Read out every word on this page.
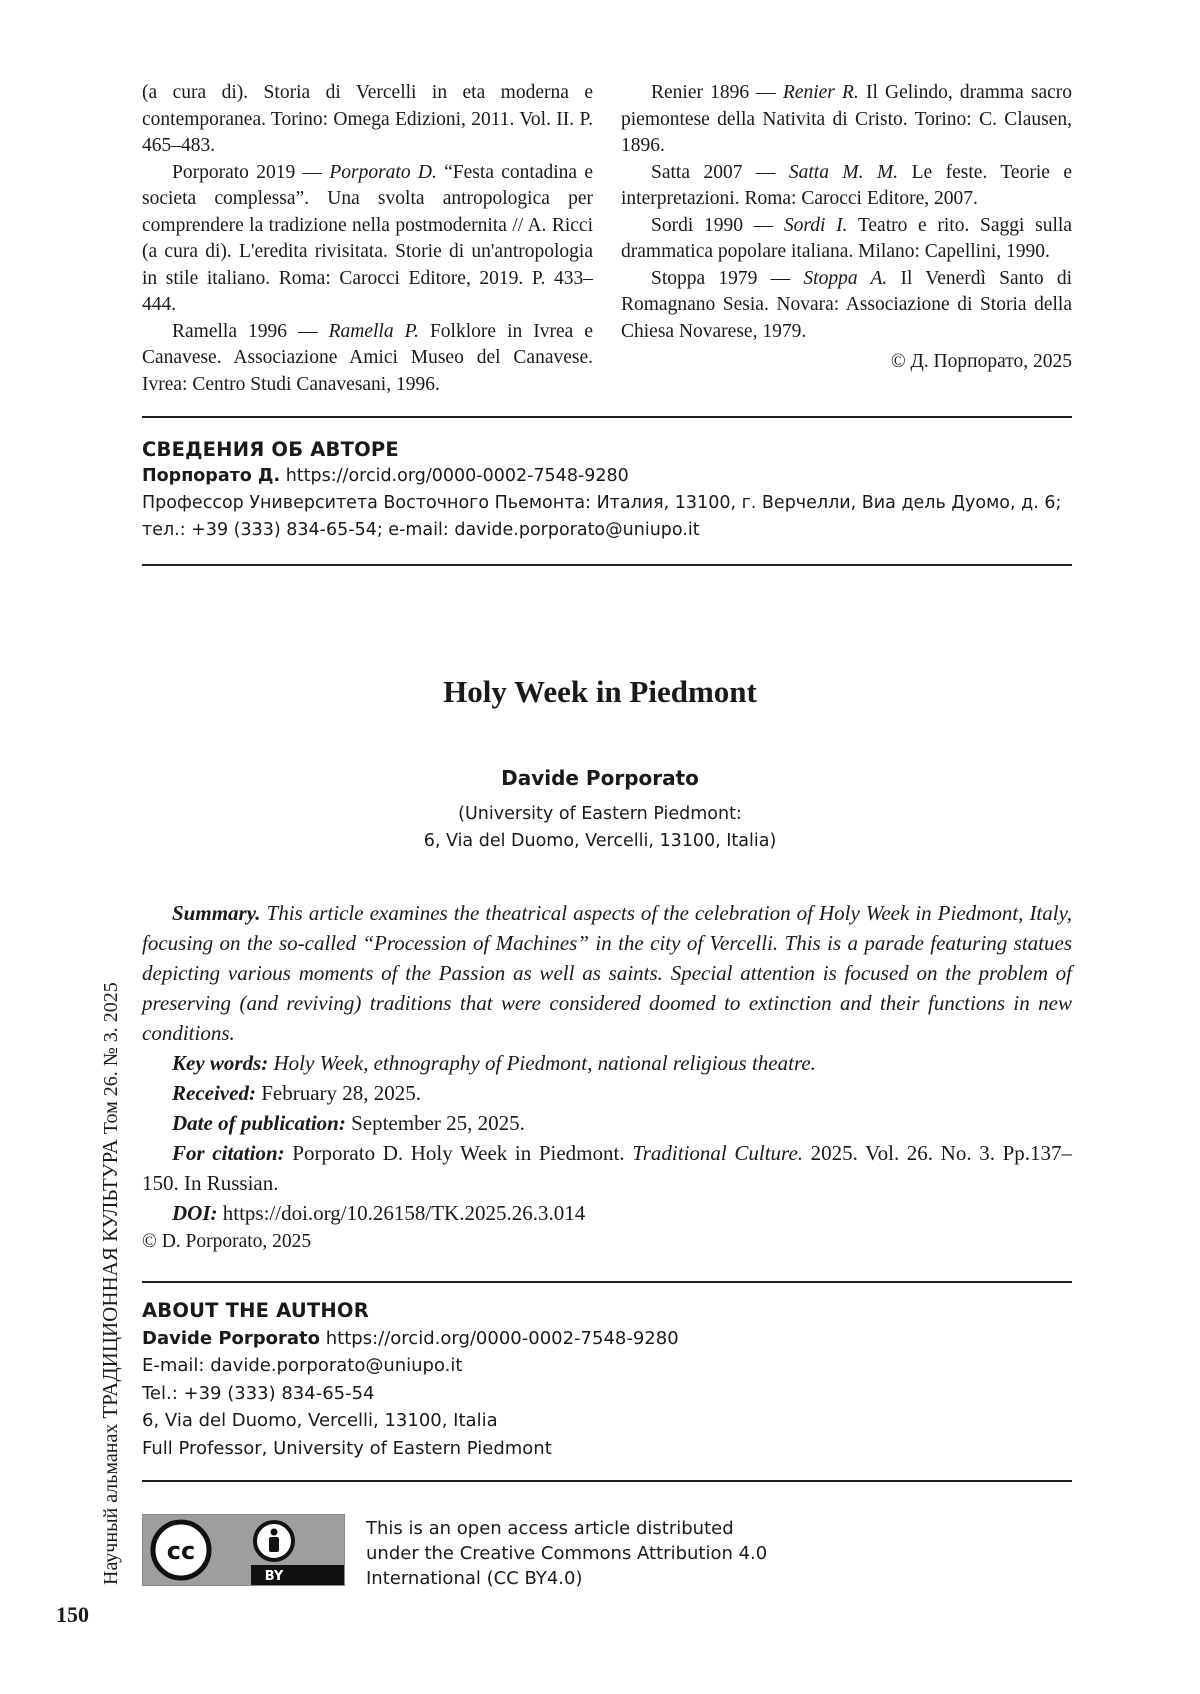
(a cura di). Storia di Vercelli in eta moderna e contemporanea. Torino: Omega Edizioni, 2011. Vol. II. P. 465–483.

Porporato 2019 — Porporato D. “Festa contadina e societa complessa”. Una svolta antropologica per comprendere la tradizione nella postmodernita // A. Ricci (a cura di). L'eredita rivisitata. Storie di un'antropologia in stile italiano. Roma: Carocci Editore, 2019. P. 433–444.

Ramella 1996 — Ramella P. Folklore in Ivrea e Canavese. Associazione Amici Museo del Canavese. Ivrea: Centro Studi Canavesani, 1996.

Renier 1896 — Renier R. Il Gelindo, dramma sacro piemontese della Nativita di Cristo. Torino: C. Clausen, 1896.

Satta 2007 — Satta M. M. Le feste. Teorie e interpretazioni. Roma: Carocci Editore, 2007.

Sordi 1990 — Sordi I. Teatro e rito. Saggi sulla drammatica popolare italiana. Milano: Capellini, 1990.

Stoppa 1979 — Stoppa A. Il Venerdì Santo di Romagnano Sesia. Novara: Associazione di Storia della Chiesa Novarese, 1979.

© Д. Порпорато, 2025
СВЕДЕНИЯ ОБ АВТОРЕ
Порпорато Д. https://orcid.org/0000-0002-7548-9280
Профессор Университета Восточного Пьемонта: Италия, 13100, г. Верчелли, Виа дель Дуомо, д. 6; тел.: +39 (333) 834-65-54; e-mail: davide.porporato@uniupo.it
Holy Week in Piedmont
Davide Porporato
(University of Eastern Piedmont:
6, Via del Duomo, Vercelli, 13100, Italia)

Summary. This article examines the theatrical aspects of the celebration of Holy Week in Piedmont, Italy, focusing on the so-called “Procession of Machines” in the city of Vercelli. This is a parade featuring statues depicting various moments of the Passion as well as saints. Special attention is focused on the problem of preserving (and reviving) traditions that were considered doomed to extinction and their functions in new conditions.

Key words: Holy Week, ethnography of Piedmont, national religious theatre.

Received: February 28, 2025.

Date of publication: September 25, 2025.

For citation: Porporato D. Holy Week in Piedmont. Traditional Culture. 2025. Vol. 26. No. 3. Pp.137–150. In Russian.

DOI: https://doi.org/10.26158/TK.2025.26.3.014

© D. Porporato, 2025

ABOUT THE AUTHOR
Davide Porporato https://orcid.org/0000-0002-7548-9280
E-mail: davide.porporato@uniupo.it
Tel.: +39 (333) 834-65-54
6, Via del Duomo, Vercelli, 13100, Italia
Full Professor, University of Eastern Piedmont
cc
BY
This is an open access article distributed
under the Creative Commons Attribution 4.0
International (CC BY4.0)
Научный альманах ТРАДИЦИОННАЯ КУЛЬТУРА Том 26. № 3. 2025
150
